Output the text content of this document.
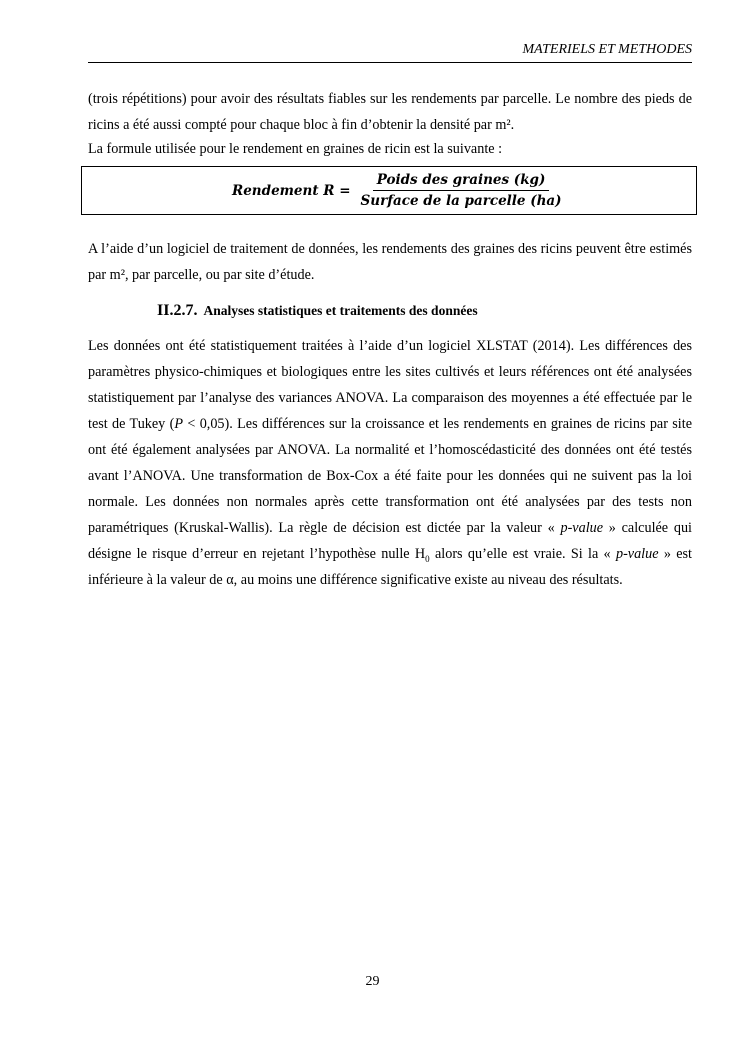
MATERIELS ET METHODES

(trois répétitions) pour avoir des résultats fiables sur les rendements par parcelle. Le nombre des pieds de ricins a été aussi compté pour chaque bloc à fin d’obtenir la densité par m².

La formule utilisée pour le rendement en graines de ricin est la suivante :

Rendement $R = \frac{\text{Poids des graines (kg)}}{\text{Surface de la parcelle (ha)}}$

A l’aide d’un logiciel de traitement de données, les rendements des graines des ricins peuvent être estimés par m², par parcelle, ou par site d’étude.

II.2.7. Analyses statistiques et traitements des données

Les données ont été statistiquement traitées à l’aide d’un logiciel XLSTAT (2014). Les différences des paramètres physico-chimiques et biologiques entre les sites cultivés et leurs références ont été analysées statistiquement par l’analyse des variances ANOVA. La comparaison des moyennes a été effectuée par le test de Tukey (P < 0,05). Les différences sur la croissance et les rendements en graines de ricins par site ont été également analysées par ANOVA. La normalité et l’homoscédasticité des données ont été testés avant l’ANOVA. Une transformation de Box-Cox a été faite pour les données qui ne suivent pas la loi normale. Les données non normales après cette transformation ont été analysées par des tests non paramétriques (Kruskal-Wallis). La règle de décision est dictée par la valeur « p-value » calculée qui désigne le risque d’erreur en rejetant l’hypothèse nulle $H_0$ alors qu’elle est vraie. Si la « p-value » est inférieure à la valeur de α, au moins une différence significative existe au niveau des résultats.

29
